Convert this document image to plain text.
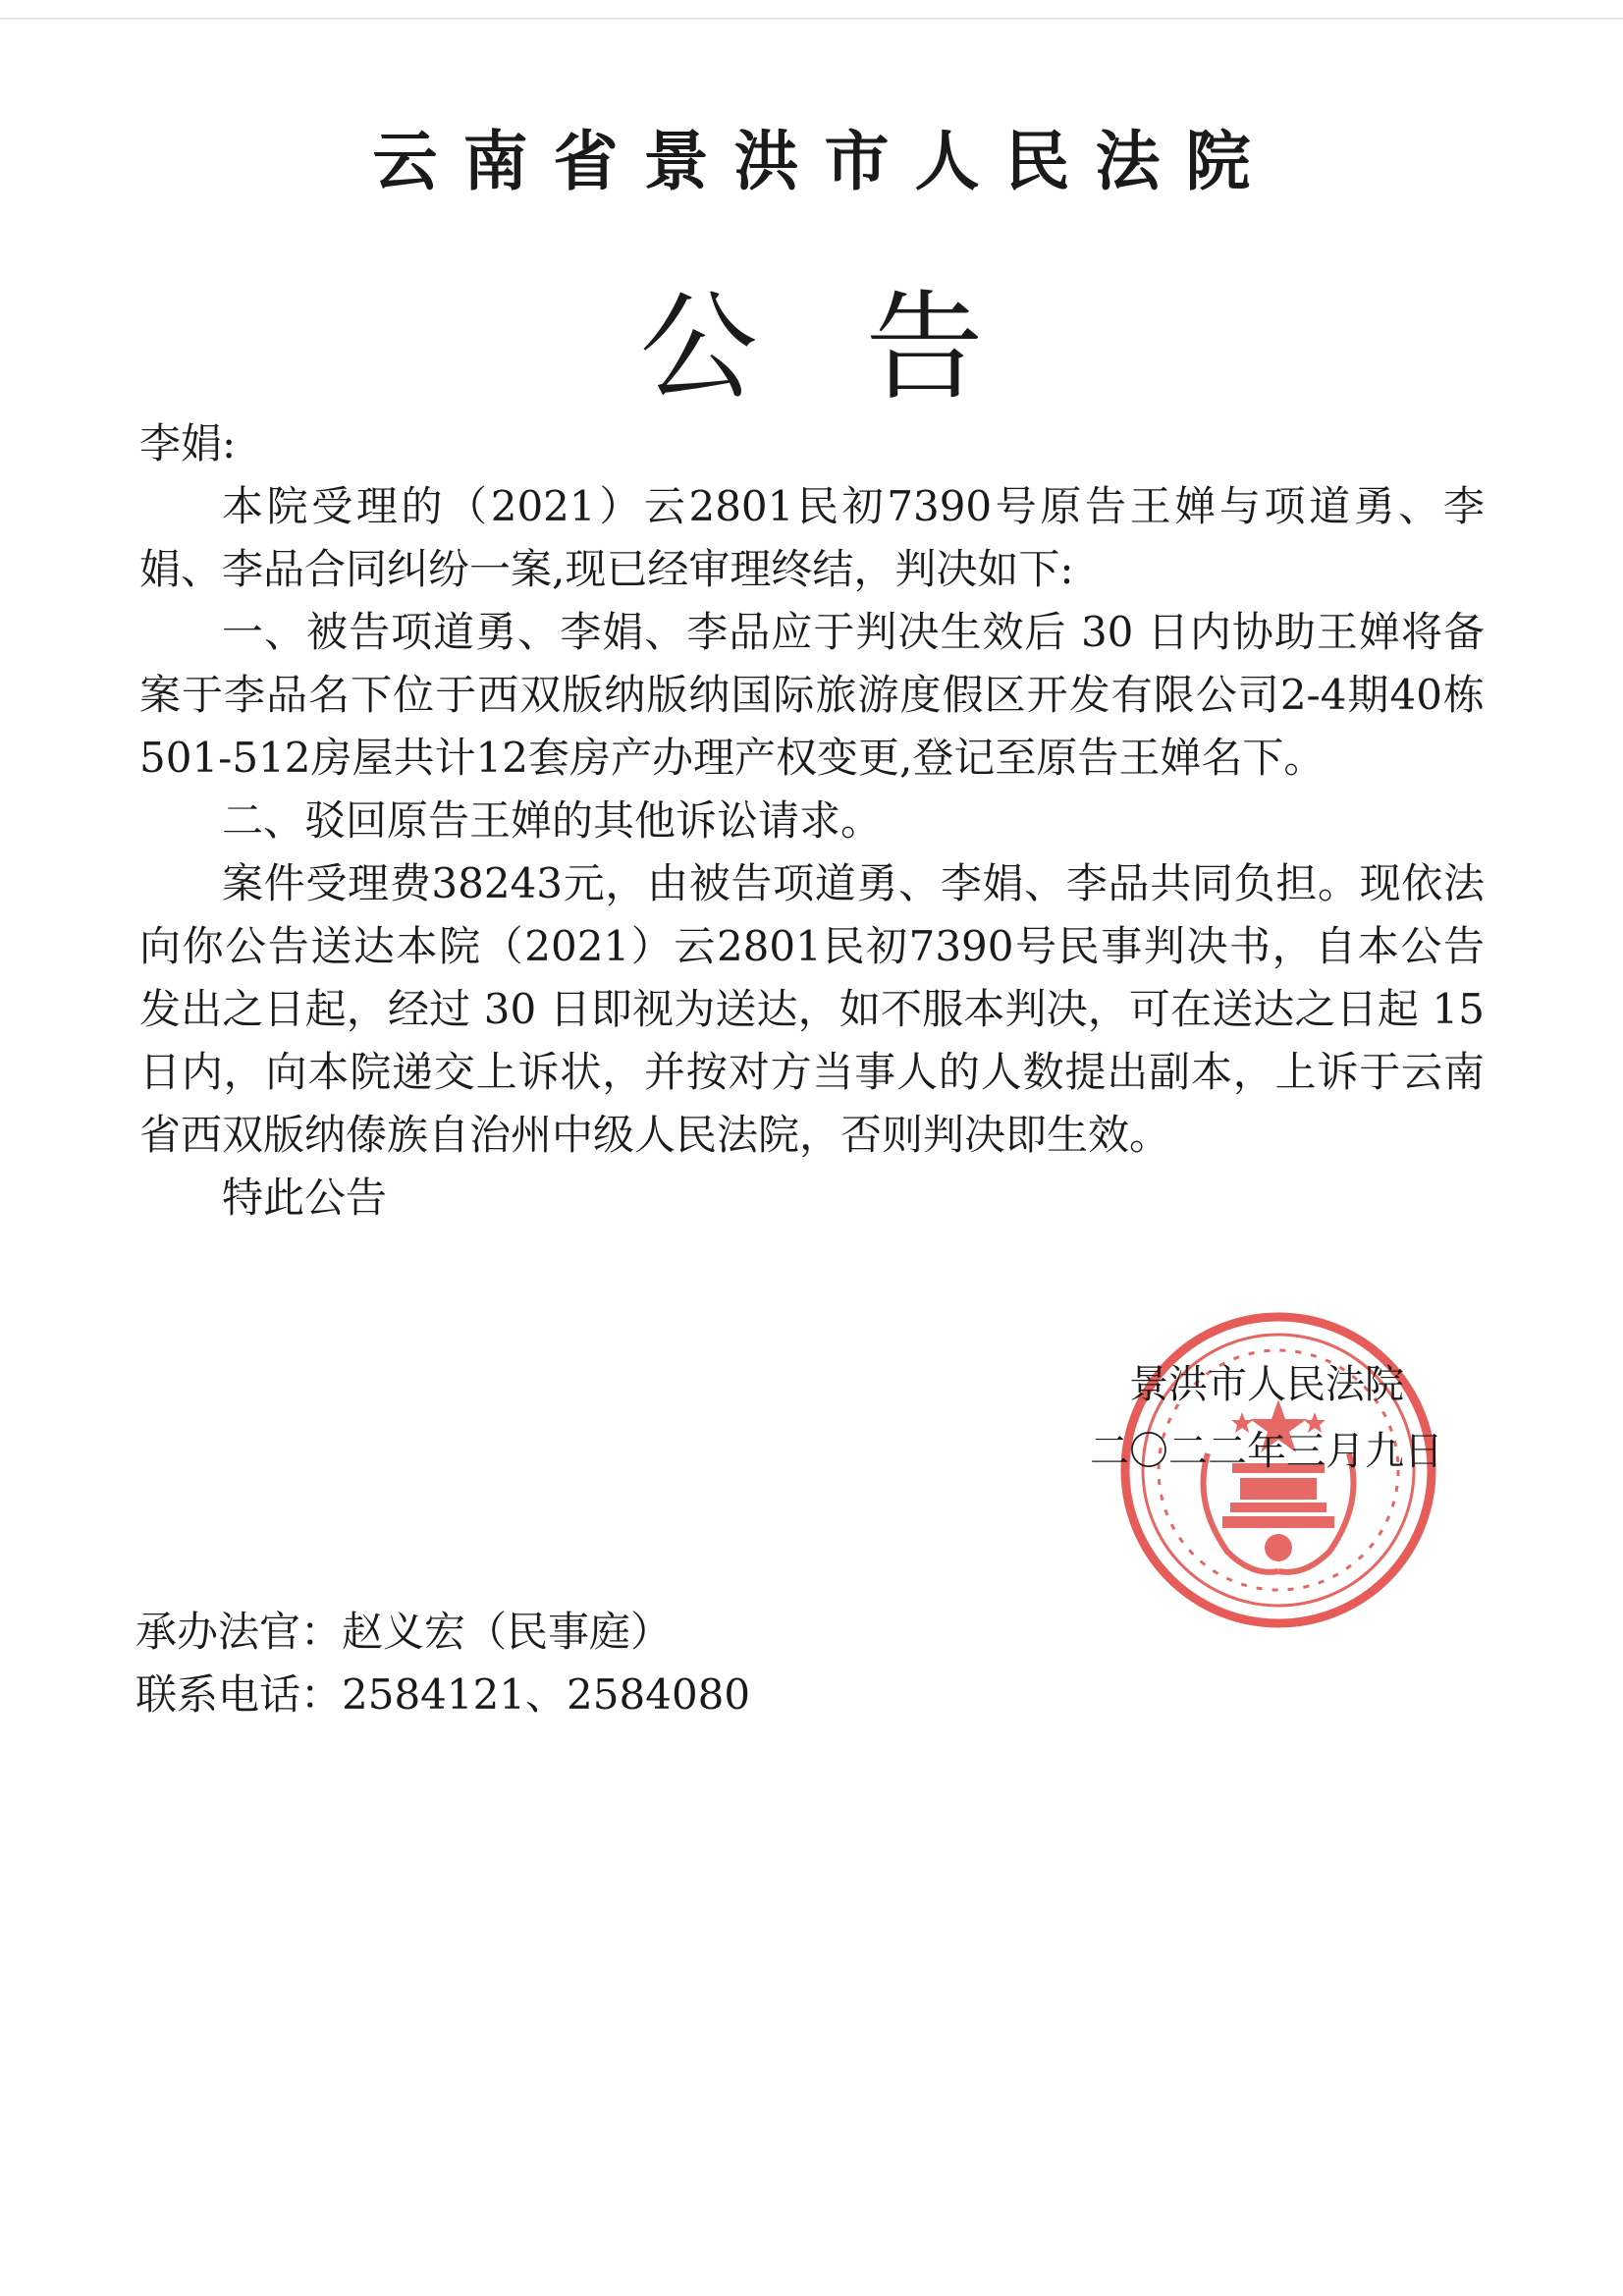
云南省景洪市人民法院
公告

李娟:

本院受理的（2021）云2801民初7390号原告王婵与项道勇、李娟、李品合同纠纷一案,现已经审理终结，判决如下:

一、被告项道勇、李娟、李品应于判决生效后 30 日内协助王婵将备案于李品名下位于西双版纳版纳国际旅游度假区开发有限公司2-4期40栋501-512房屋共计12套房产办理产权变更,登记至原告王婵名下。

二、驳回原告王婵的其他诉讼请求。

案件受理费38243元，由被告项道勇、李娟、李品共同负担。现依法向你公告送达本院（2021）云2801民初7390号民事判决书，自本公告发出之日起，经过 30 日即视为送达，如不服本判决，可在送达之日起 15 日内，向本院递交上诉状，并按对方当事人的人数提出副本，上诉于云南省西双版纳傣族自治州中级人民法院，否则判决即生效。

特此公告

景洪市人民法院
二〇二二年三月九日
承办法官：赵义宏（民事庭）
联系电话：2584121、2584080
